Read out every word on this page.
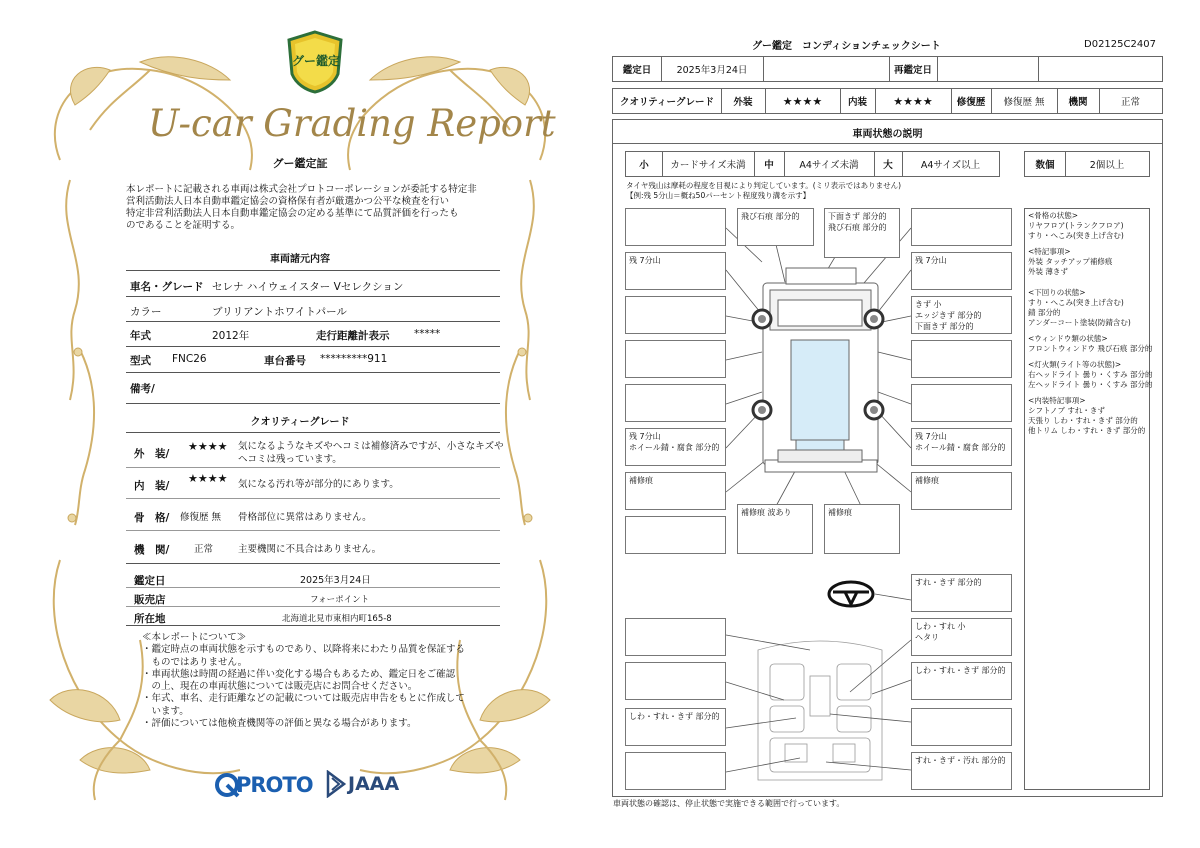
グー鑑定
U-car Grading Report
グー鑑定証
本レポートに記載される車両は株式会社プロトコーポレーションが委託する特定非
営利活動法人日本自動車鑑定協会の資格保有者が厳選かつ公平な検査を行い
特定非営利活動法人日本自動車鑑定協会の定める基準にて品質評価を行ったも
のであることを証明する。
車両諸元内容
車名・グレード セレナ ハイウェイスター Vセレクション
カラー	ブリリアントホワイトパール
年式	2012年	走行距離計表示 *****
型式 FNC26	車台番号 *********911
備考/
クオリティーグレード
外　装/
★★★★ 気になるようなキズやヘコミは補修済みですが、小さなキズや
ヘコミは残っています。
内　装/
★★★★ 気になる汚れ等が部分的にあります。
骨　格/ 修復歴 無 骨格部位に異常はありません。
機　関/	正常	主要機関に不具合はありません。
鑑定日	2025年3月24日
販売店	フォーポイント
所在地	北海道北見市東相内町165-8
≪本レポートについて≫
・鑑定時点の車両状態を示すものであり、以降将来にわたり品質を保証する
　ものではありません。
・車両状態は時間の経過に伴い変化する場合もあるため、鑑定日をご確認
　の上、現在の車両状態については販売店にお問合せください。
・年式、車名、走行距離などの記載については販売店申告をもとに作成して
　います。
・評価については他検査機関等の評価と異なる場合があります。
PROTO JAAA
グー鑑定　コンディションチェックシート	D02125C2407
鑑定日	2025年3月24日	再鑑定日
クオリティーグレード	外装	★★★★	内装	★★★★	修復歴	修復歴 無	機関	正常
車両状態の説明
小	カードサイズ未満	中	A4サイズ未満	大	A4サイズ以上	数個	2個以上
タイヤ残山は摩耗の程度を目視により判定しています。(ミリ表示ではありません)
【例:残 5分山＝概ね50パーセント程度残り溝を示す】
飛び石痕 部分的	下面きず 部分的
飛び石痕 部分的
残 7分山	残 7分山
きず 小
エッジきず 部分的
下面きず 部分的
残 7分山
ホイール錆・腐食 部分的
残 7分山
ホイール錆・腐食 部分的
補修痕	補修痕
補修痕 波あり	補修痕
すれ・きず 部分的
しわ・すれ 小
ヘタリ
しわ・すれ・きず 部分的
しわ・すれ・きず 部分的
すれ・きず・汚れ 部分的
<骨格の状態>
リヤフロア(トランクフロア)
すり・へこみ(突き上げ含む)
<特記事項>
外装 タッチアップ補修痕
外装 薄きず
<下回りの状態>
すり・へこみ(突き上げ含む)
錆 部分的
アンダーコート塗装(防錆含む)
<ウィンドウ類の状態>
フロントウィンドウ 飛び石痕 部分的
<灯火類(ライト等の状態)>
右ヘッドライト 曇り・くすみ 部分的
左ヘッドライト 曇り・くすみ 部分的
<内装特記事項>
シフトノブ すれ・きず
天張り しわ・すれ・きず 部分的
他トリム しわ・すれ・きず 部分的
車両状態の確認は、停止状態で実施できる範囲で行っています。
